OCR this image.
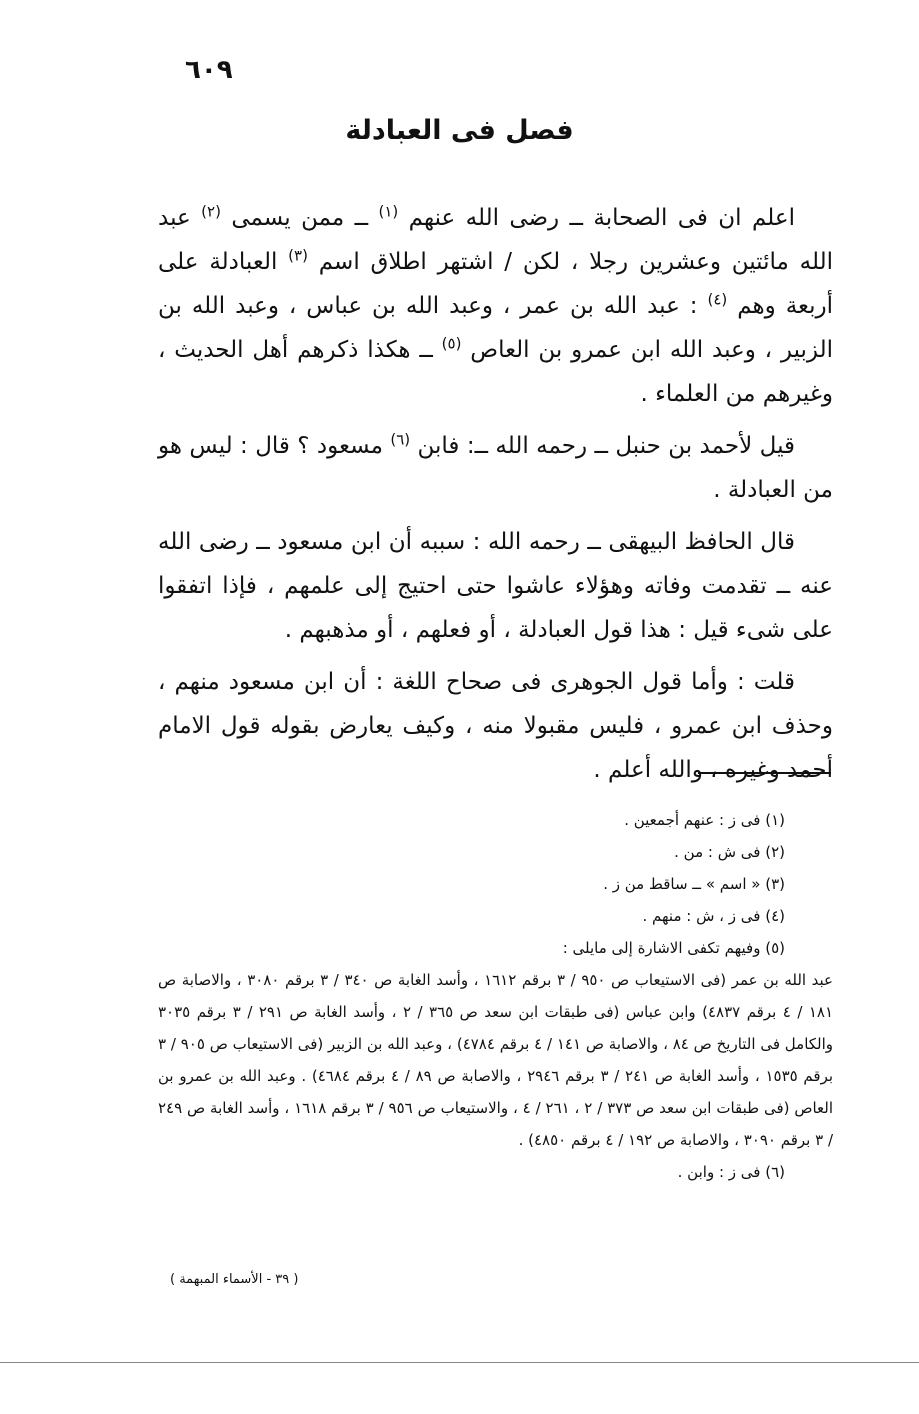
٦٠٩
فصل فى العبادلة

اعلم ان فى الصحابة ــ رضى الله عنهم $^{(١)}$ ــ ممن يسمى $^{(٢)}$ عبد الله مائتين وعشرين رجلا ، لكن / اشتهر اطلاق اسم $^{(٣)}$ العبادلة على أربعة وهم $^{(٤)}$ : عبد الله بن عمر ، وعبد الله بن عباس ، وعبد الله بن الزبير ، وعبد الله ابن عمرو بن العاص $^{(٥)}$ ــ هكذا ذكرهم أهل الحديث ، وغيرهم من العلماء .

قيل لأحمد بن حنبل ــ رحمه الله ــ: فابن $^{(٦)}$ مسعود ؟ قال : ليس هو من العبادلة .

قال الحافظ البيهقى ــ رحمه الله : سببه أن ابن مسعود ــ رضى الله عنه ــ تقدمت وفاته وهؤلاء عاشوا حتى احتيج إلى علمهم ، فإذا اتفقوا على شىء قيل : هذا قول العبادلة ، أو فعلهم ، أو مذهبهم .

قلت : وأما قول الجوهرى فى صحاح اللغة : أن ابن مسعود منهم ، وحذف ابن عمرو ، فليس مقبولا منه ، وكيف يعارض بقوله قول الامام أحمد وغيره ، والله أعلم .

(١) فى ز : عنهم أجمعين .

(٢) فى ش : من .

(٣) « اسم » ــ ساقط من ز .

(٤) فى ز ، ش : منهم .

(٥) وفيهم تكفى الاشارة إلى مايلى :

عبد الله بن عمر (فى الاستيعاب ص ٩٥٠ / ٣ برقم ١٦١٢ ، وأسد الغابة ص ٣٤٠ / ٣ برقم ٣٠٨٠ ، والاصابة ص ١٨١ / ٤ برقم ٤٨٣٧) وابن عباس (فى طبقات ابن سعد ص ٣٦٥ / ٢ ، وأسد الغابة ص ٢٩١ / ٣ برقم ٣٠٣٥ والكامل فى التاريخ ص ٨٤ ، والاصابة ص ١٤١ / ٤ برقم ٤٧٨٤) ، وعبد الله بن الزبير (فى الاستيعاب ص ٩٠٥ / ٣ برقم ١٥٣٥ ، وأسد الغابة ص ٢٤١ / ٣ برقم ٢٩٤٦ ، والاصابة ص ٨٩ / ٤ برقم ٤٦٨٤) . وعبد الله بن عمرو بن العاص (فى طبقات ابن سعد ص ٣٧٣ / ٢ ، ٢٦١ / ٤ ، والاستيعاب ص ٩٥٦ / ٣ برقم ١٦١٨ ، وأسد الغابة ص ٢٤٩ / ٣ برقم ٣٠٩٠ ، والاصابة ص ١٩٢ / ٤ برقم ٤٨٥٠) .

(٦) فى ز : وابن .

( ٣٩ - الأسماء المبهمة )
